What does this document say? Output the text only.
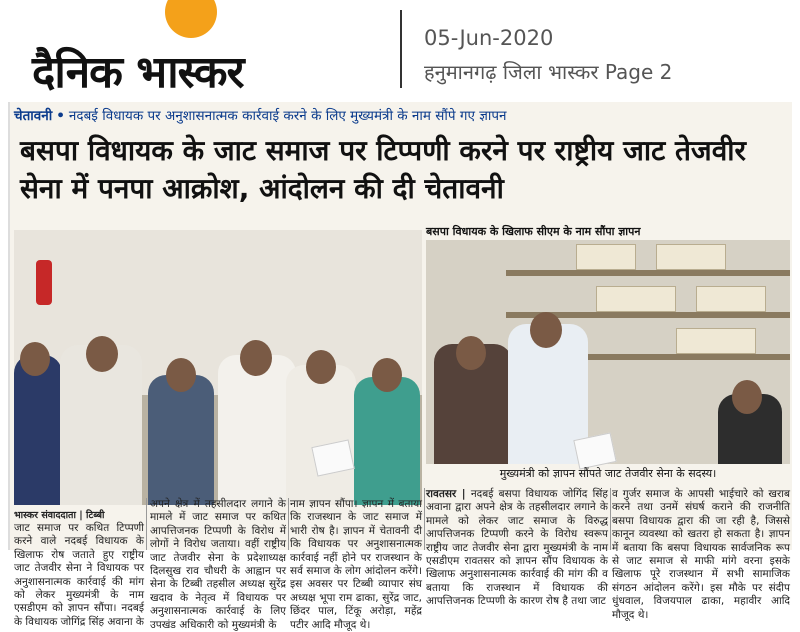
दैनिक भास्कर
05-Jun-2020
हनुमानगढ़ जिला भास्कर Page 2
चेतावनी • नदबई विधायक पर अनुशासनात्मक कार्रवाई करने के लिए मुख्यमंत्री के नाम सौंपे गए ज्ञापन
बसपा विधायक के जाट समाज पर टिप्पणी करने पर राष्ट्रीय जाट तेजवीर सेना में पनपा आक्रोश, आंदोलन की दी चेतावनी
बसपा विधायक के खिलाफ सीएम के नाम सौंपा ज्ञापन
मुख्यमंत्री को ज्ञापन सौंपते जाट तेजवीर सेना के सदस्य।
भास्कर संवाददाता | टिब्बी
जाट समाज पर कथित टिप्पणी करने वाले नदबई विधायक के खिलाफ रोष जताते हुए राष्ट्रीय जाट तेजवीर सेना ने विधायक पर अनुशासनात्मक कार्रवाई की मांग को लेकर मुख्यमंत्री के नाम एसडीएम को ज्ञापन सौंपा। नदबई के विधायक जोगिंद्र सिंह अवाना के
अपने क्षेत्र में तहसीलदार लगाने के मामले में जाट समाज पर कथित आपत्तिजनक टिप्पणी के विरोध में लोगों ने विरोध जताया। वहीं राष्ट्रीय जाट तेजवीर सेना के प्रदेशाध्यक्ष दिलसुख राव चौधरी के आह्वान पर सेना के टिब्बी तहसील अध्यक्ष सुरेंद्र खदाव के नेतृत्व में विधायक पर अनुशासनात्मक कार्रवाई के लिए उपखंड अधिकारी को मुख्यमंत्री के
नाम ज्ञापन सौंपा। ज्ञापन में बताया कि राजस्थान के जाट समाज में भारी रोष है। ज्ञापन में चेतावनी दी कि विधायक पर अनुशासनात्मक कार्रवाई नहीं होने पर राजस्थान के सर्व समाज के लोग आंदोलन करेंगे। इस अवसर पर टिब्बी व्यापार संघ अध्यक्ष भूपा राम ढाका, सुरेंद्र जाट, छिंदर पाल, टिंकू अरोड़ा, महेंद्र पटीर आदि मौजूद थे।
रावतसर | नदबई बसपा विधायक जोगिंद सिंह अवाना द्वारा अपने क्षेत्र के तहसीलदार लगाने के मामले को लेकर जाट समाज के विरुद्ध आपत्तिजनक टिप्पणी करने के विरोध स्वरूप राष्ट्रीय जाट तेजवीर सेना द्वारा मुख्यमंत्री के नाम एसडीएम रावतसर को ज्ञापन सौंप विधायक के खिलाफ अनुशासनात्मक कार्रवाई की मांग की व बताया कि राजस्थान में विधायक की आपत्तिजनक टिप्पणी के कारण रोष है तथा जाट
व गुर्जर समाज के आपसी भाईचारे को खराब करने तथा उनमें संघर्ष कराने की राजनीति बसपा विधायक द्वारा की जा रही है, जिससे कानून व्यवस्था को खतरा हो सकता है। ज्ञापन में बताया कि बसपा विधायक सार्वजनिक रूप से जाट समाज से माफी मांगे वरना इसके खिलाफ पूरे राजस्थान में सभी सामाजिक संगठन आंदोलन करेंगे। इस मौके पर संदीप धुंधवाल, विजयपाल ढाका, महावीर आदि मौजूद थे।
